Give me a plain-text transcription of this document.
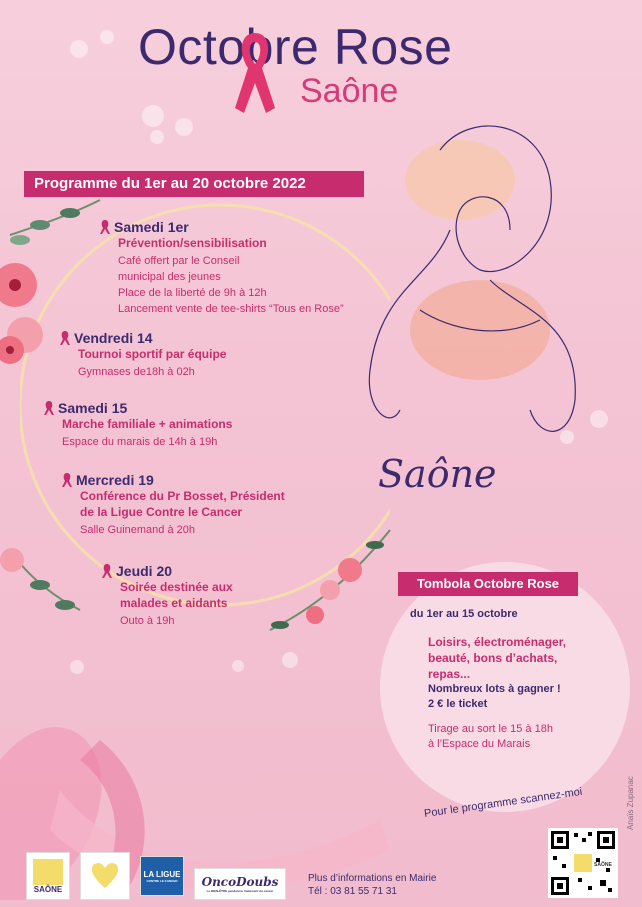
Octobre Rose
Saône
Saône
Programme du 1er au 20 octobre 2022
Samedi 1er
Prévention/sensibilisation
Café offert par le Conseil
municipal des jeunes
Place de la liberté de 9h à 12h
Lancement vente de tee-shirts “Tous en Rose”
Vendredi 14
Tournoi sportif par équipe
Gymnases de18h à 02h
Samedi 15
Marche familiale + animations
Espace du marais de 14h à 19h
Mercredi 19
Conférence du Pr Bosset, Président
de la Ligue Contre le Cancer
Salle Guinemand à 20h
Jeudi 20
Soirée destinée aux
malades et aidants
Outo à 19h
Tombola Octobre Rose
du 1er au 15 octobre
Loisirs, électroménager,
beauté, bons d’achats,
repas...
Nombreux lots à gagner !
2 € le ticket
Tirage au sort le 15 à 18h
à l’Espace du Marais
Pour le programme scannez-moi
SAÔNE
Anaïs Zupanac
SAÔNE
LA LIGUE
CONTRE LE CANCER OncoDoubs
Le BIEN-ÊTRE pendant le traitement du cancer
Plus d’informations en Mairie
Tél : 03 81 55 71 31
